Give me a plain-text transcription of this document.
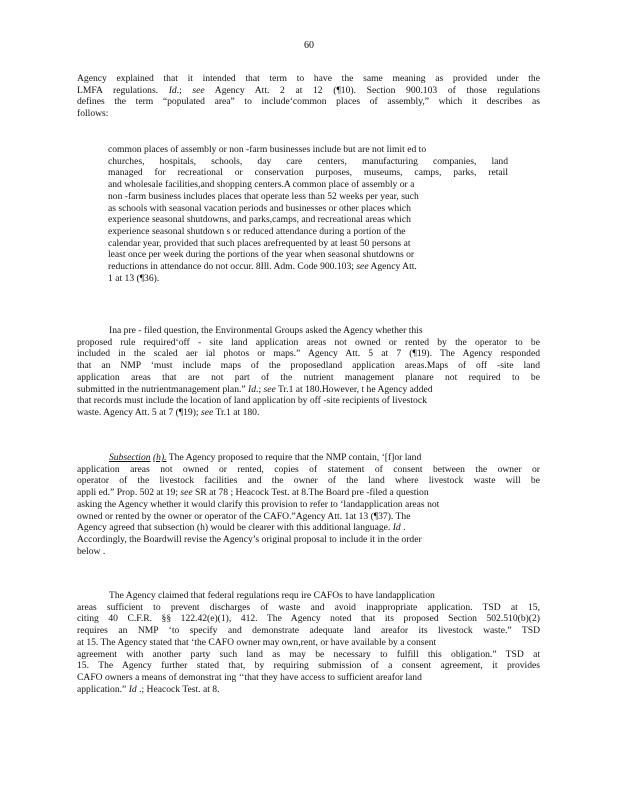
60
Agency explained that it intended that term to have the same meaning as provided under the
LMFA regulations. Id.; see Agency Att. 2 at 12 (¶10). Section 900.103 of those regulations
defines the term “populated area” to include‘common places of assembly,” which it describes as
follows:
common places of assembly or non -farm businesses include but are not limit ed to
churches, hospitals, schools, day care centers, manufacturing companies, land
managed for recreational or conservation purposes, museums, camps, parks, retail
and wholesale facilities,and shopping centers.A common place of assembly or a
non -farm business includes places that operate less than 52 weeks per year, such
as schools with seasonal vacation periods and businesses or other places which
experience seasonal shutdowns, and parks,camps, and recreational areas which
experience seasonal shutdown s or reduced attendance during a portion of the
calendar year, provided that such places arefrequented by at least 50 persons at
least once per week during the portions of the year when seasonal shutdowns or
reductions in attendance do not occur. 8Ill. Adm. Code 900.103; see Agency Att.
1 at 13 (¶36).
Ina pre - filed question, the Environmental Groups asked the Agency whether this
proposed rule required‘off - site land application areas not owned or rented by the operator to be
included in the scaled aer ial photos or maps.” Agency Att. 5 at 7 (¶19). The Agency responded
that an NMP ‘must include maps of the proposedland application areas.Maps of off -site land
application areas that are not part of the nutrient management planare not required to be
submitted in the nutrientmanagement plan.” Id.; see Tr.1 at 180.However, t he Agency added
that records must include the location of land application by off -site recipients of livestock
waste. Agency Att. 5 at 7 (¶19); see Tr.1 at 180.
Subsection (h). The Agency proposed to require that the NMP contain, ‘[f]or land
application areas not owned or rented, copies of statement of consent between the owner or
operator of the livestock facilities and the owner of the land where livestock waste will be
appli ed.” Prop. 502 at 19; see SR at 78 ; Heacock Test. at 8.The Board pre -filed a question
asking the Agency whether it would clarify this provision to refer to ‘landapplication areas not
owned or rented by the owner or operator of the CAFO.”Agency Att. 1at 13 (¶37). The
Agency agreed that subsection (h) would be clearer with this additional language. Id .
Accordingly, the Boardwill revise the Agency’s original proposal to include it in the order
below .
The Agency claimed that federal regulations requ ire CAFOs to have landapplication
areas sufficient to prevent discharges of waste and avoid inappropriate application. TSD at 15,
citing 40 C.F.R. §§ 122.42(e)(1), 412. The Agency noted that its proposed Section 502.510(b)(2)
requires an NMP ‘to specify and demonstrate adequate land areafor its livestock waste.” TSD
at 15. The Agency stated that ‘the CAFO owner may own,rent, or have available by a consent
agreement with another party such land as may be necessary to fulfill this obligation.” TSD at
15. The Agency further stated that, by requiring submission of a consent agreement, it provides
CAFO owners a means of demonstrat ing ‘‘that they have access to sufficient areafor land
application.” Id .; Heacock Test. at 8.
